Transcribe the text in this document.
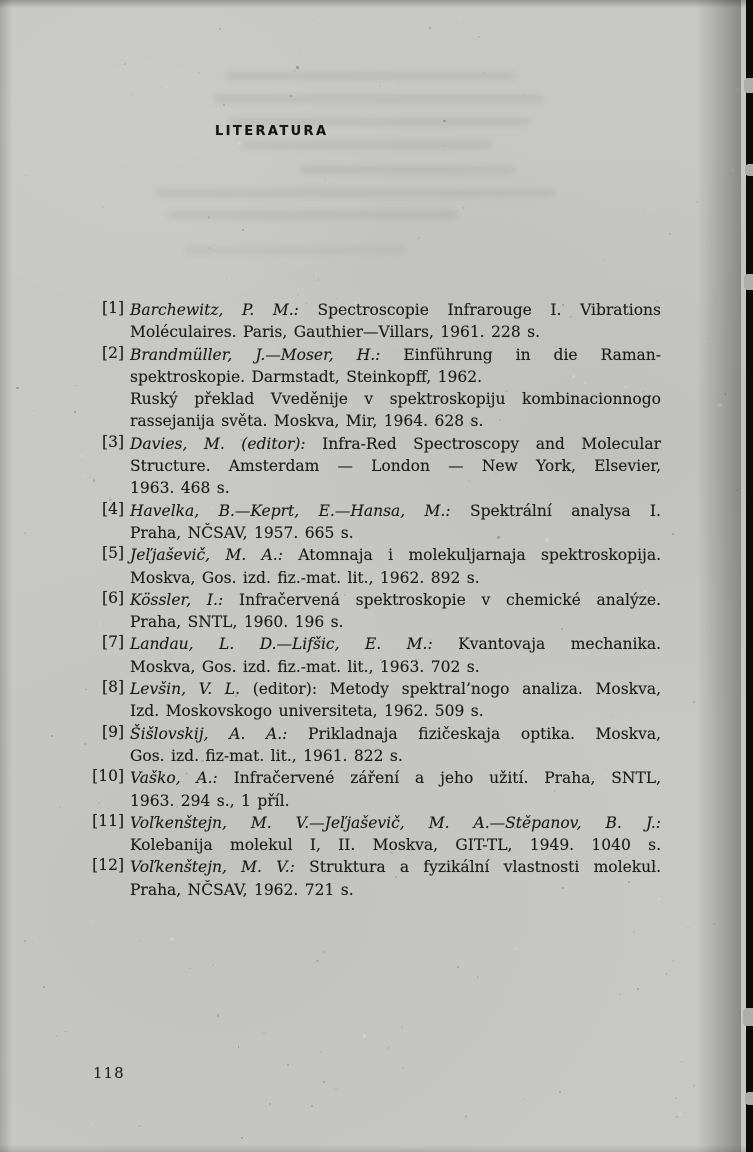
LITERATURA
[1] Barchewitz, P. M.: Spectroscopie Infrarouge I. Vibrations
Moléculaires. Paris, Gauthier—Villars, 1961. 228 s.
[2] Brandmüller, J.—Moser, H.: Einführung in die Raman-
spektroskopie. Darmstadt, Steinkopff, 1962.
Ruský překlad Vveděnije v spektroskopiju kombinacionnogo
rassejanija světa. Moskva, Mir, 1964. 628 s.
[3] Davies, M. (editor): Infra-Red Spectroscopy and Molecular
Structure. Amsterdam — London — New York, Elsevier,
1963. 468 s.
[4] Havelka, B.—Keprt, E.—Hansa, M.: Spektrální analysa I.
Praha, NČSAV, 1957. 665 s.
[5] Jeľjaševič, M. A.: Atomnaja i molekuljarnaja spektroskopija.
Moskva, Gos. izd. fiz.-mat. lit., 1962. 892 s.
[6] Kössler, I.: Infračervená spektroskopie v chemické analýze.
Praha, SNTL, 1960. 196 s.
[7] Landau, L. D.—Lifšic, E. M.: Kvantovaja mechanika.
Moskva, Gos. izd. fiz.-mat. lit., 1963. 702 s.
[8] Levšin, V. L. (editor): Metody spektral’nogo analiza. Moskva,
Izd. Moskovskogo universiteta, 1962. 509 s.
[9] Šišlovskij, A. A.: Prikladnaja fizičeskaja optika. Moskva,
Gos. izd. fiz-mat. lit., 1961. 822 s.
[10] Vaško, A.: Infračervené záření a jeho užití. Praha, SNTL,
1963. 294 s., 1 příl.
[11] Voľkenštejn, M. V.—Jeľjaševič, M. A.—Stěpanov, B. J.:
Kolebanija molekul I, II. Moskva, GIT-TL, 1949. 1040 s.
[12] Voľkenštejn, M. V.: Struktura a fyzikální vlastnosti molekul.
Praha, NČSAV, 1962. 721 s.
118
